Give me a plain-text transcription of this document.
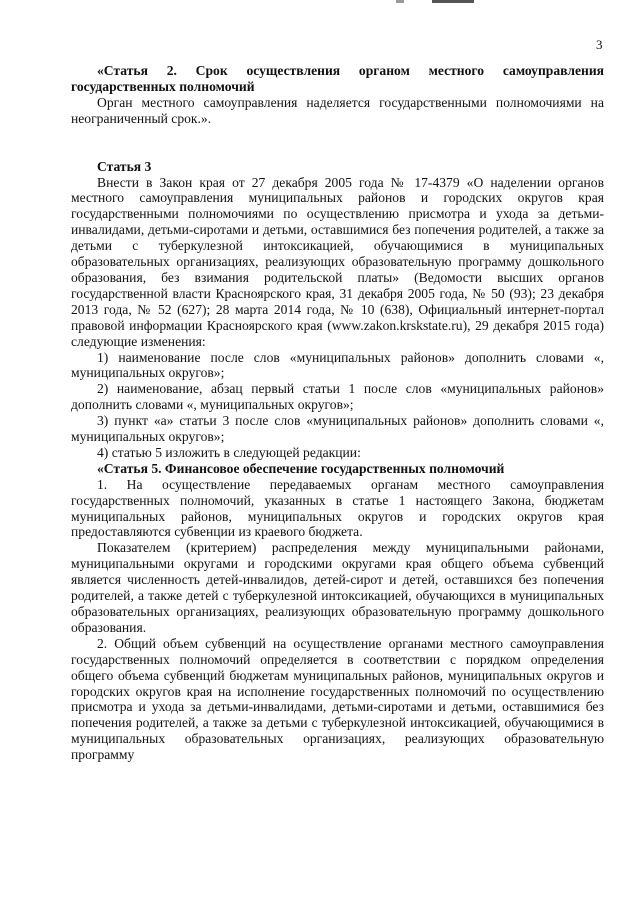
3

«Статья 2. Срок осуществления органом местного самоуправления государственных полномочий

Орган местного самоуправления наделяется государственными полномочиями на неограниченный срок.».

Статья 3

Внести в Закон края от 27 декабря 2005 года № 17-4379 «О наделении органов местного самоуправления муниципальных районов и городских округов края государственными полномочиями по осуществлению присмотра и ухода за детьми-инвалидами, детьми-сиротами и детьми, оставшимися без попечения родителей, а также за детьми с туберкулезной интоксикацией, обучающимися в муниципальных образовательных организациях, реализующих образовательную программу дошкольного образования, без взимания родительской платы» (Ведомости высших органов государственной власти Красноярского края, 31 декабря 2005 года, № 50 (93); 23 декабря 2013 года, № 52 (627); 28 марта 2014 года, № 10 (638), Официальный интернет-портал правовой информации Красноярского края (www.zakon.krskstate.ru), 29 декабря 2015 года) следующие изменения:

1) наименование после слов «муниципальных районов» дополнить словами «, муниципальных округов»;

2) наименование, абзац первый статьи 1 после слов «муниципальных районов» дополнить словами «, муниципальных округов»;

3) пункт «а» статьи 3 после слов «муниципальных районов» дополнить словами «, муниципальных округов»;

4) статью 5 изложить в следующей редакции:

«Статья 5. Финансовое обеспечение государственных полномочий

1. На осуществление передаваемых органам местного самоуправления государственных полномочий, указанных в статье 1 настоящего Закона, бюджетам муниципальных районов, муниципальных округов и городских округов края предоставляются субвенции из краевого бюджета.

Показателем (критерием) распределения между муниципальными районами, муниципальными округами и городскими округами края общего объема субвенций является численность детей-инвалидов, детей-сирот и детей, оставшихся без попечения родителей, а также детей с туберкулезной интоксикацией, обучающихся в муниципальных образовательных организациях, реализующих образовательную программу дошкольного образования.

2. Общий объем субвенций на осуществление органами местного самоуправления государственных полномочий определяется в соответствии с порядком определения общего объема субвенций бюджетам муниципальных районов, муниципальных округов и городских округов края на исполнение государственных полномочий по осуществлению присмотра и ухода за детьми-инвалидами, детьми-сиротами и детьми, оставшимися без попечения родителей, а также за детьми с туберкулезной интоксикацией, обучающимися в муниципальных образовательных организациях, реализующих образовательную программу
